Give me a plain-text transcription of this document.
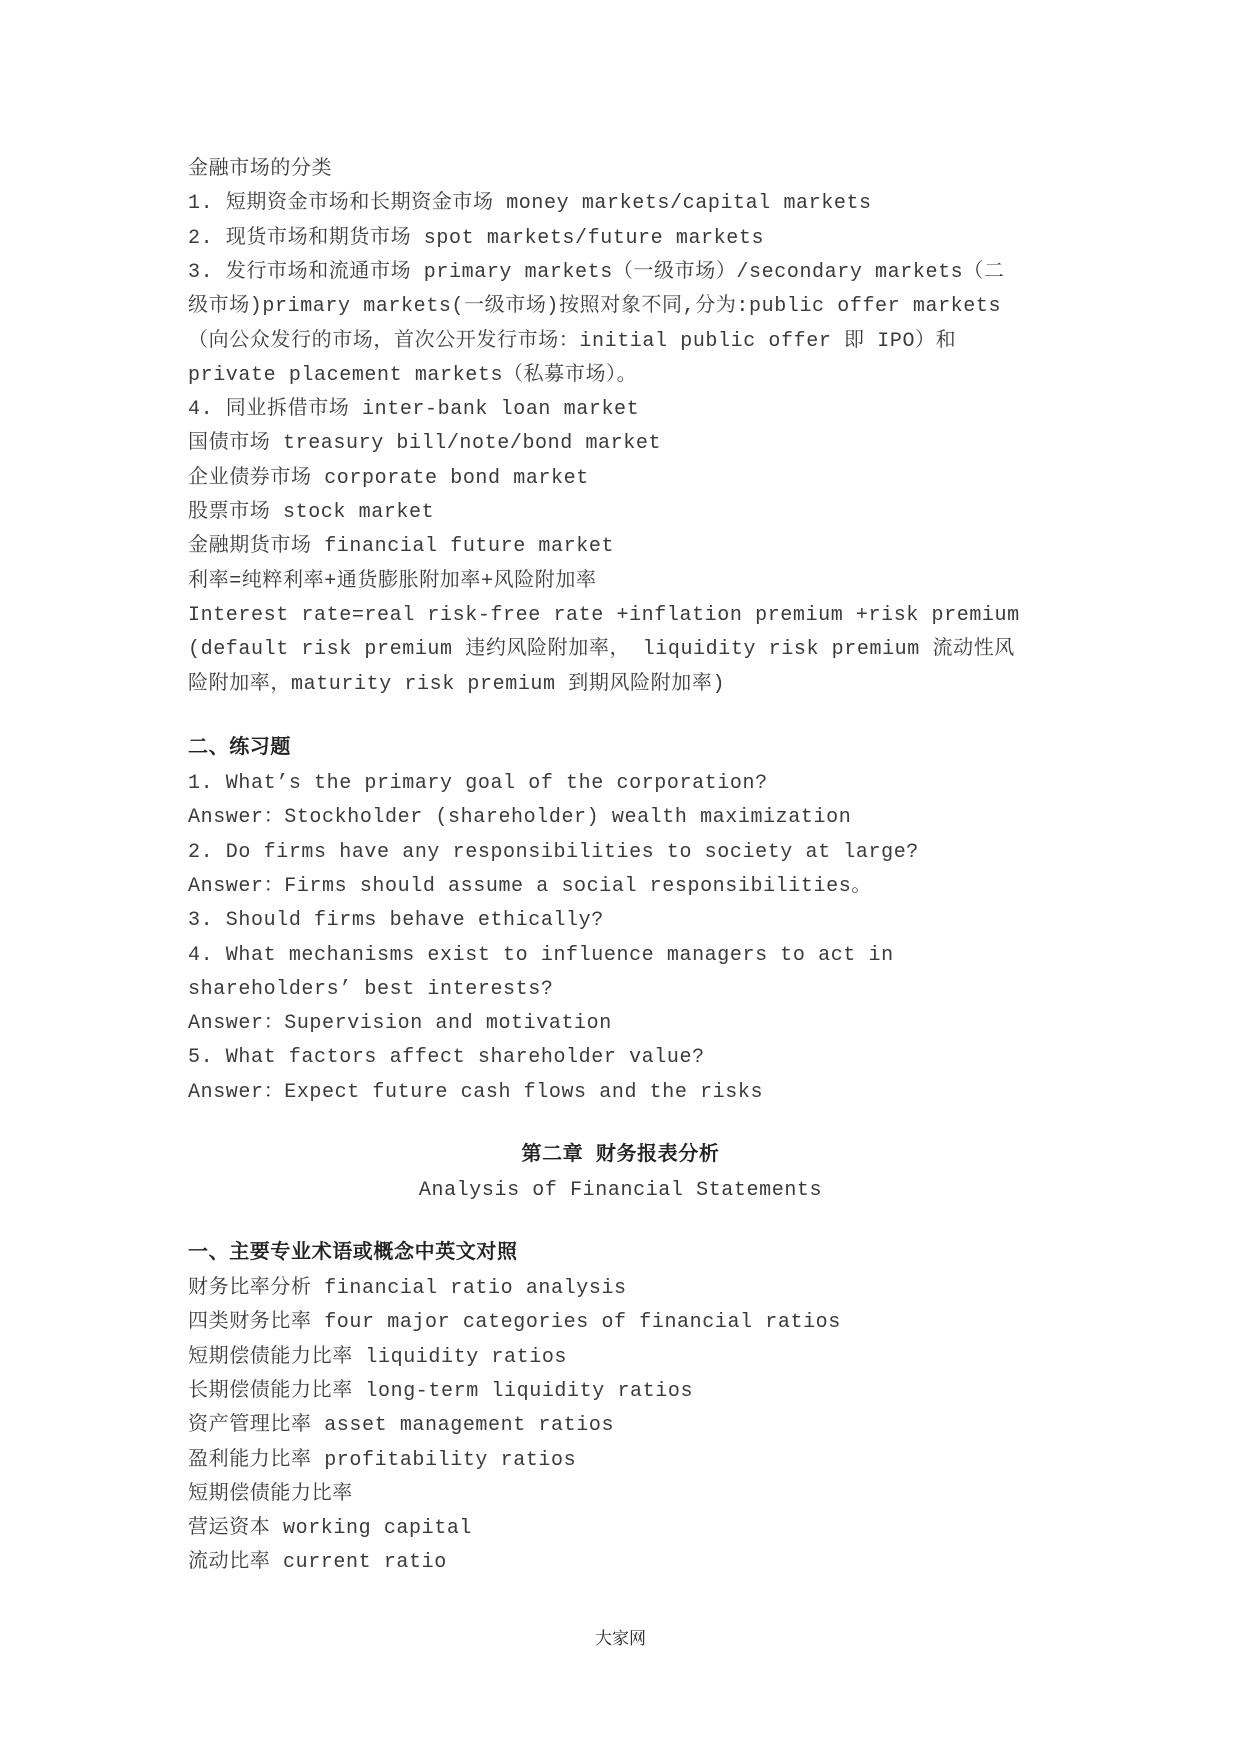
金融市场的分类
1. 短期资金市场和长期资金市场 money markets/capital markets
2. 现货市场和期货市场 spot markets/future markets
3. 发行市场和流通市场 primary markets（一级市场）/secondary markets（二
级市场)primary markets(一级市场)按照对象不同,分为:public offer markets
（向公众发行的市场，首次公开发行市场：initial public offer 即 IPO）和
private placement markets（私募市场）。
4. 同业拆借市场 inter-bank loan market
国债市场 treasury bill/note/bond market
企业债券市场 corporate bond market
股票市场 stock market
金融期货市场 financial future market
利率=纯粹利率+通货膨胀附加率+风险附加率
Interest rate=real risk-free rate +inflation premium +risk premium
(default risk premium 违约风险附加率， liquidity risk premium 流动性风
险附加率，maturity risk premium 到期风险附加率)
二、练习题
1. What’s the primary goal of the corporation?
Answer：Stockholder (shareholder) wealth maximization
2. Do firms have any responsibilities to society at large?
Answer：Firms should assume a social responsibilities。
3. Should firms behave ethically?
4. What mechanisms exist to influence managers to act in
shareholders’ best interests?
Answer：Supervision and motivation
5. What factors affect shareholder value?
Answer：Expect future cash flows and the risks
第二章 财务报表分析
Analysis of Financial Statements
一、主要专业术语或概念中英文对照
财务比率分析 financial ratio analysis
四类财务比率 four major categories of financial ratios
短期偿债能力比率 liquidity ratios
长期偿债能力比率 long-term liquidity ratios
资产管理比率 asset management ratios
盈利能力比率 profitability ratios
短期偿债能力比率
营运资本 working capital
流动比率 current ratio
大家网
